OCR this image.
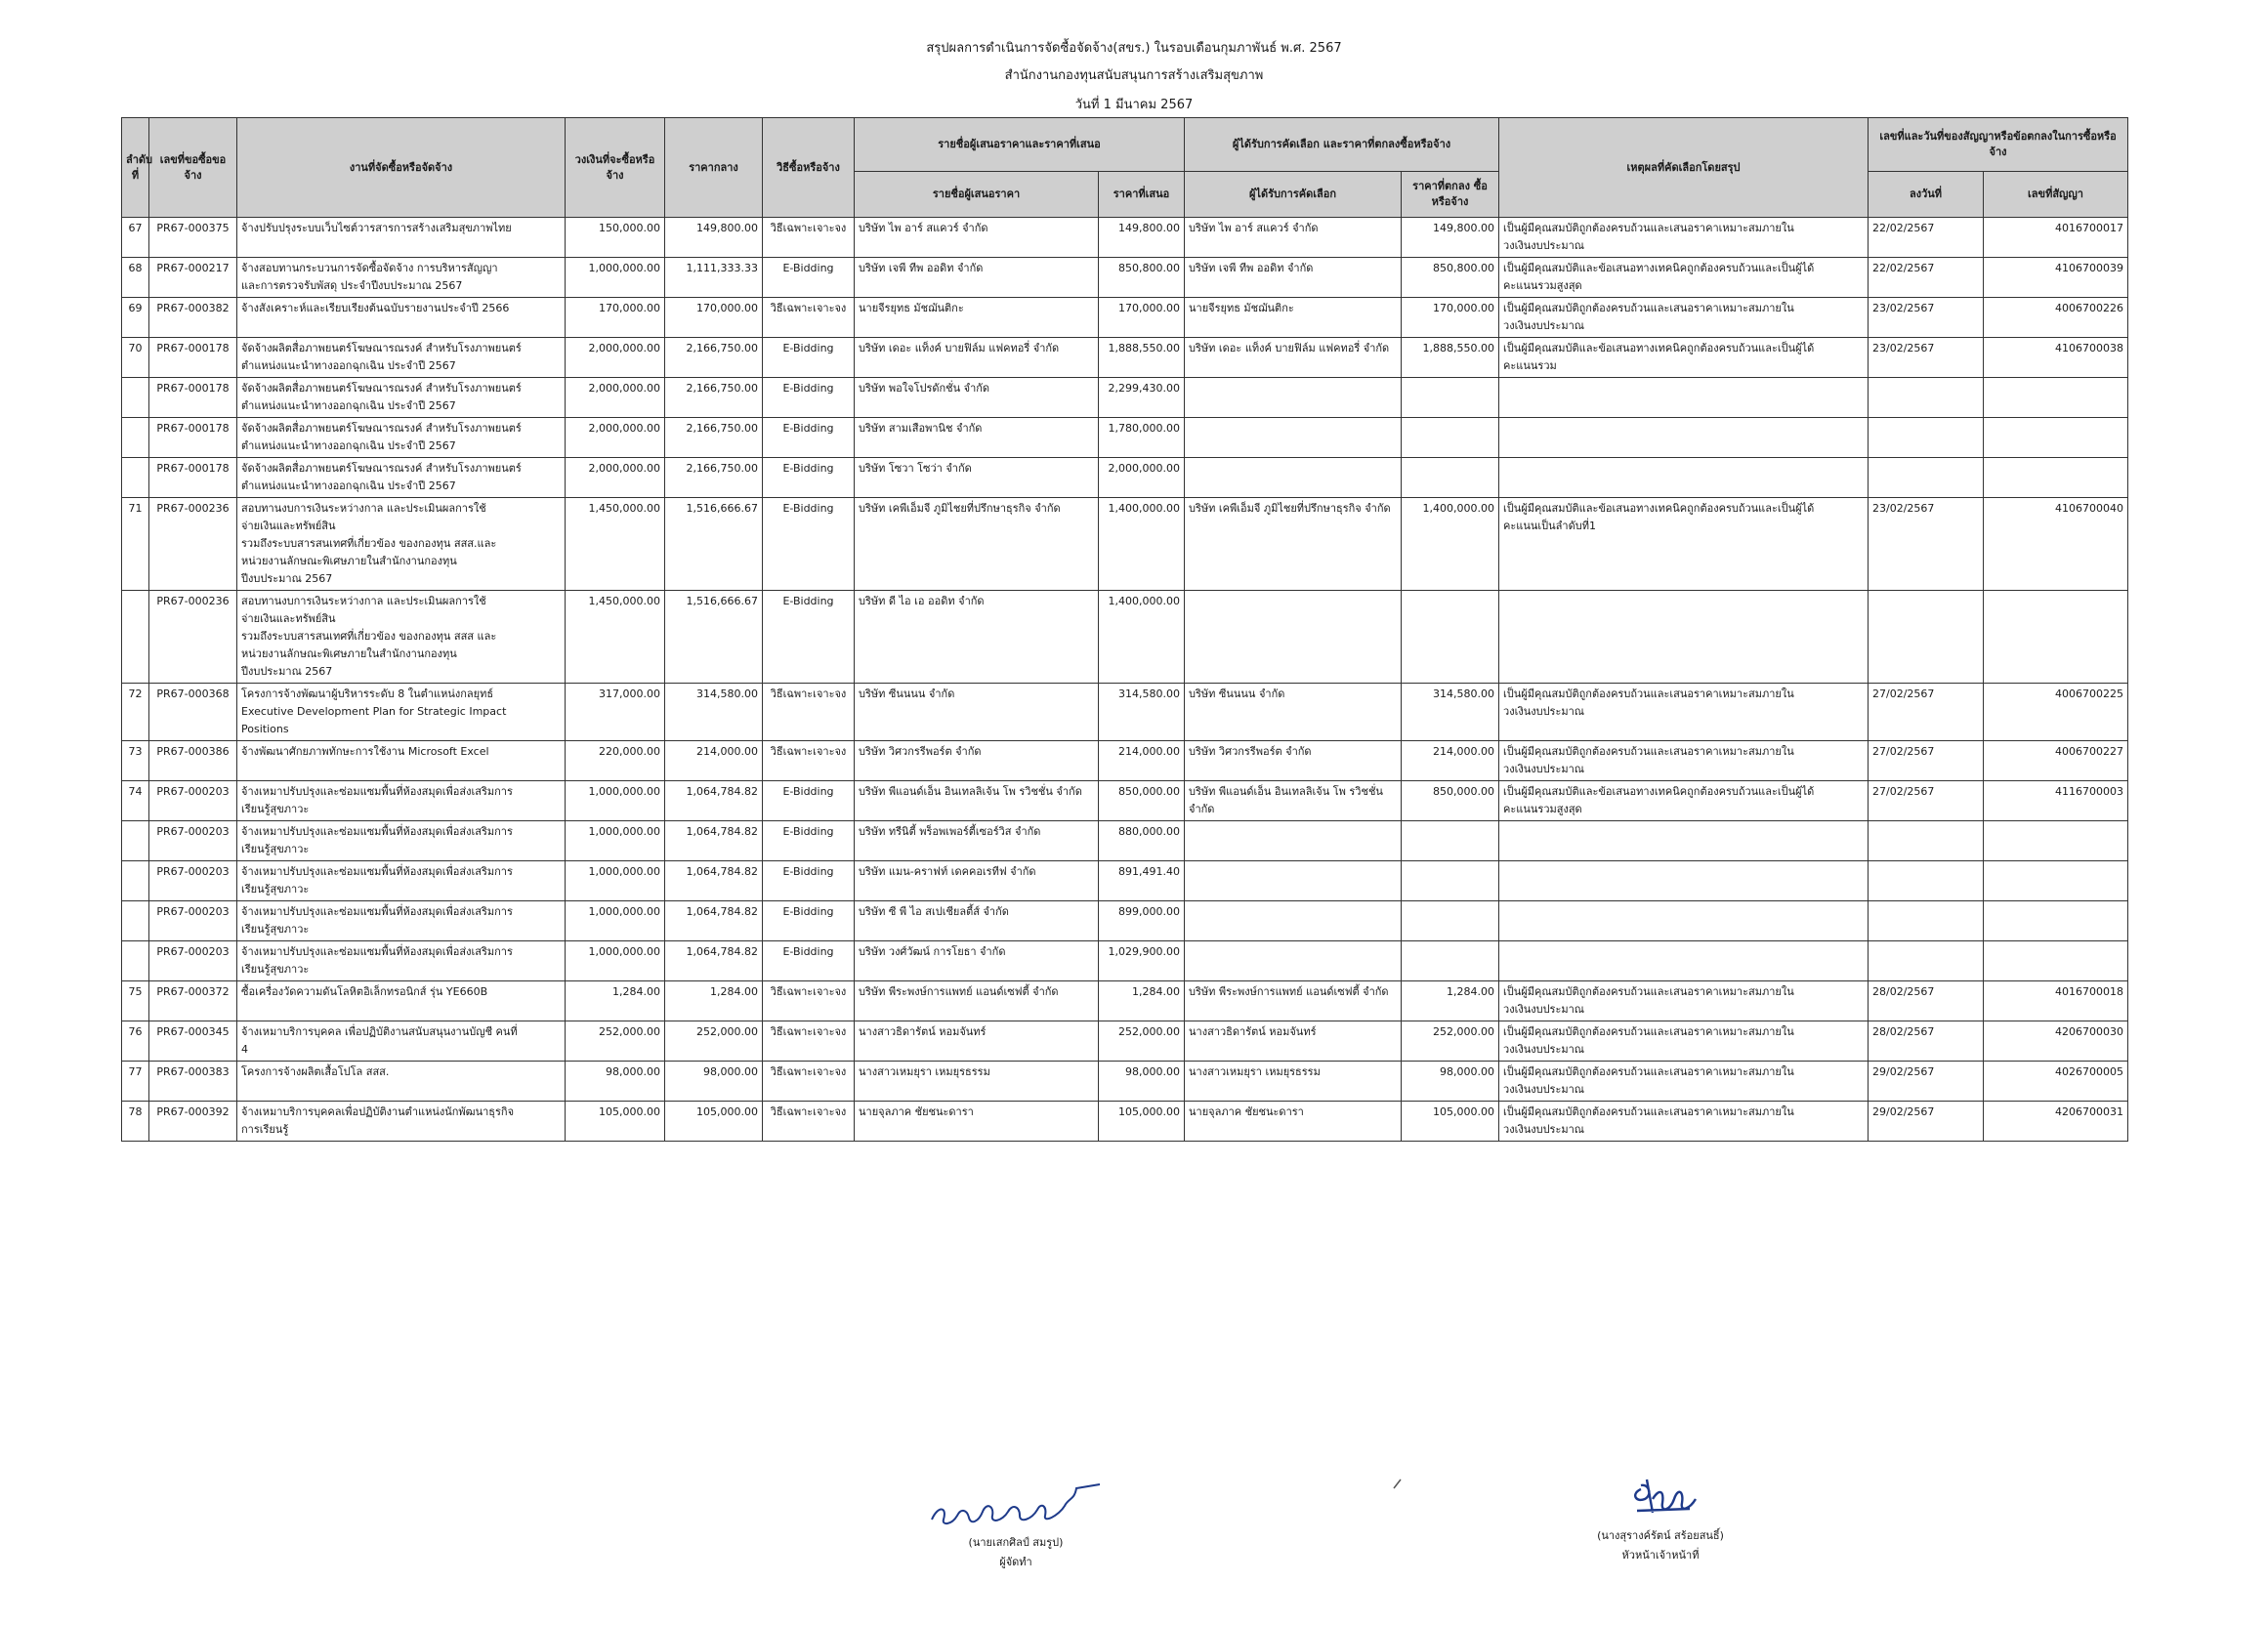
สรุปผลการดำเนินการจัดซื้อจัดจ้าง(สขร.) ในรอบเดือนกุมภาพันธ์ พ.ศ. 2567
สำนักงานกองทุนสนับสนุนการสร้างเสริมสุขภาพ
วันที่ 1 มีนาคม 2567
ลำดับที่	เลขที่ขอซื้อขอจ้าง	งานที่จัดซื้อหรือจัดจ้าง	วงเงินที่จะซื้อหรือจ้าง	ราคากลาง	วิธีซื้อหรือจ้าง	รายชื่อผู้เสนอราคาและราคาที่เสนอ		ผู้ได้รับการคัดเลือก และราคาที่ตกลงซื้อหรือจ้าง		เหตุผลที่คัดเลือกโดยสรุป	เลขที่และวันที่ของสัญญาหรือข้อตกลงในการซื้อหรือจ้าง	
						รายชื่อผู้เสนอราคา	ราคาที่เสนอ	ผู้ได้รับการคัดเลือก	ราคาที่ตกลง ซื้อหรือจ้าง		ลงวันที่	เลขที่สัญญา
67	PR67-000375	จ้างปรับปรุงระบบเว็บไซต์วารสารการสร้างเสริมสุขภาพไทย	150,000.00	149,800.00	วิธีเฉพาะเจาะจง	บริษัท ไพ อาร์ สแควร์ จำกัด	149,800.00	บริษัท ไพ อาร์ สแควร์ จำกัด	149,800.00	เป็นผู้มีคุณสมบัติถูกต้องครบถ้วนและเสนอราคาเหมาะสมภายใน
วงเงินงบประมาณ	22/02/2567	4016700017
68	PR67-000217	จ้างสอบทานกระบวนการจัดซื้อจัดจ้าง การบริหารสัญญา
และการตรวจรับพัสดุ ประจำปีงบประมาณ 2567	1,000,000.00	1,111,333.33	E-Bidding	บริษัท เจพี ทีพ ออดิท จำกัด	850,800.00	บริษัท เจพี ทีพ ออดิท จำกัด	850,800.00	เป็นผู้มีคุณสมบัติและข้อเสนอทางเทคนิคถูกต้องครบถ้วนและเป็นผู้ได้
คะแนนรวมสูงสุด	22/02/2567	4106700039
69	PR67-000382	จ้างสังเคราะห์และเรียบเรียงต้นฉบับรายงานประจำปี 2566	170,000.00	170,000.00	วิธีเฉพาะเจาะจง	นายจีรยุทธ มัชฌันติกะ	170,000.00	นายจีรยุทธ มัชฌันติกะ	170,000.00	เป็นผู้มีคุณสมบัติถูกต้องครบถ้วนและเสนอราคาเหมาะสมภายใน
วงเงินงบประมาณ	23/02/2567	4006700226
70	PR67-000178	จัดจ้างผลิตสื่อภาพยนตร์โฆษณารณรงค์ สำหรับโรงภาพยนตร์
ตำแหน่งแนะนำทางออกฉุกเฉิน ประจำปี 2567	2,000,000.00	2,166,750.00	E-Bidding	บริษัท เดอะ แท็งค์ บายฟิล์ม แฟคทอรี่ จำกัด	1,888,550.00	บริษัท เดอะ แท็งค์ บายฟิล์ม แฟคทอรี่ จำกัด	1,888,550.00	เป็นผู้มีคุณสมบัติและข้อเสนอทางเทคนิคถูกต้องครบถ้วนและเป็นผู้ได้
คะแนนรวม	23/02/2567	4106700038
	PR67-000178	จัดจ้างผลิตสื่อภาพยนตร์โฆษณารณรงค์ สำหรับโรงภาพยนตร์
ตำแหน่งแนะนำทางออกฉุกเฉิน ประจำปี 2567	2,000,000.00	2,166,750.00	E-Bidding	บริษัท พอใจโปรดักชั่น จำกัด	2,299,430.00					
	PR67-000178	จัดจ้างผลิตสื่อภาพยนตร์โฆษณารณรงค์ สำหรับโรงภาพยนตร์
ตำแหน่งแนะนำทางออกฉุกเฉิน ประจำปี 2567	2,000,000.00	2,166,750.00	E-Bidding	บริษัท สามเสือพานิช จำกัด	1,780,000.00					
	PR67-000178	จัดจ้างผลิตสื่อภาพยนตร์โฆษณารณรงค์ สำหรับโรงภาพยนตร์
ตำแหน่งแนะนำทางออกฉุกเฉิน ประจำปี 2567	2,000,000.00	2,166,750.00	E-Bidding	บริษัท โซวา โซว่า จำกัด	2,000,000.00					
71	PR67-000236	สอบทานงบการเงินระหว่างกาล และประเมินผลการใช้
จ่ายเงินและทรัพย์สิน
รวมถึงระบบสารสนเทศที่เกี่ยวข้อง ของกองทุน สสส.และ
หน่วยงานลักษณะพิเศษภายในสำนักงานกองทุน
ปีงบประมาณ 2567	1,450,000.00	1,516,666.67	E-Bidding	บริษัท เคพีเอ็มจี ภูมิไชยที่ปรึกษาธุรกิจ จำกัด	1,400,000.00	บริษัท เคพีเอ็มจี ภูมิไชยที่ปรึกษาธุรกิจ จำกัด	1,400,000.00	เป็นผู้มีคุณสมบัติและข้อเสนอทางเทคนิคถูกต้องครบถ้วนและเป็นผู้ได้
คะแนนเป็นลำดับที่1	23/02/2567	4106700040
	PR67-000236	สอบทานงบการเงินระหว่างกาล และประเมินผลการใช้
จ่ายเงินและทรัพย์สิน
รวมถึงระบบสารสนเทศที่เกี่ยวข้อง ของกองทุน สสส และ
หน่วยงานลักษณะพิเศษภายในสำนักงานกองทุน
ปีงบประมาณ 2567	1,450,000.00	1,516,666.67	E-Bidding	บริษัท ดี ไอ เอ ออดิท จำกัด	1,400,000.00					
72	PR67-000368	โครงการจ้างพัฒนาผู้บริหารระดับ 8 ในตำแหน่งกลยุทธ์
Executive Development Plan for Strategic Impact
Positions	317,000.00	314,580.00	วิธีเฉพาะเจาะจง	บริษัท ซีนนนน จำกัด	314,580.00	บริษัท ซีนนนน จำกัด	314,580.00	เป็นผู้มีคุณสมบัติถูกต้องครบถ้วนและเสนอราคาเหมาะสมภายใน
วงเงินงบประมาณ	27/02/2567	4006700225
73	PR67-000386	จ้างพัฒนาศักยภาพทักษะการใช้งาน Microsoft Excel	220,000.00	214,000.00	วิธีเฉพาะเจาะจง	บริษัท วิศวกรรีพอร์ต จำกัด	214,000.00	บริษัท วิศวกรรีพอร์ต จำกัด	214,000.00	เป็นผู้มีคุณสมบัติถูกต้องครบถ้วนและเสนอราคาเหมาะสมภายใน
วงเงินงบประมาณ	27/02/2567	4006700227
74	PR67-000203	จ้างเหมาปรับปรุงและซ่อมแซมพื้นที่ห้องสมุดเพื่อส่งเสริมการ
เรียนรู้สุขภาวะ	1,000,000.00	1,064,784.82	E-Bidding	บริษัท พีแอนด์เอ็น อินเทลลิเจ้น โพ รวิชชั่น จำกัด	850,000.00	บริษัท พีแอนด์เอ็น อินเทลลิเจ้น โพ รวิชชั่น จำกัด	850,000.00	เป็นผู้มีคุณสมบัติและข้อเสนอทางเทคนิคถูกต้องครบถ้วนและเป็นผู้ได้
คะแนนรวมสูงสุด	27/02/2567	4116700003
	PR67-000203	จ้างเหมาปรับปรุงและซ่อมแซมพื้นที่ห้องสมุดเพื่อส่งเสริมการ
เรียนรู้สุขภาวะ	1,000,000.00	1,064,784.82	E-Bidding	บริษัท ทรีนิตี้ พร็อพเพอร์ตี้เซอร์วิส จำกัด	880,000.00					
	PR67-000203	จ้างเหมาปรับปรุงและซ่อมแซมพื้นที่ห้องสมุดเพื่อส่งเสริมการ
เรียนรู้สุขภาวะ	1,000,000.00	1,064,784.82	E-Bidding	บริษัท แมน-คราฟท์ เดคคอเรทีฟ จำกัด	891,491.40					
	PR67-000203	จ้างเหมาปรับปรุงและซ่อมแซมพื้นที่ห้องสมุดเพื่อส่งเสริมการ
เรียนรู้สุขภาวะ	1,000,000.00	1,064,784.82	E-Bidding	บริษัท ซี พี ไอ สเปเชียลตี้ส์ จำกัด	899,000.00					
	PR67-000203	จ้างเหมาปรับปรุงและซ่อมแซมพื้นที่ห้องสมุดเพื่อส่งเสริมการ
เรียนรู้สุขภาวะ	1,000,000.00	1,064,784.82	E-Bidding	บริษัท วงศ์วัฒน์ การโยธา จำกัด	1,029,900.00					
75	PR67-000372	ซื้อเครื่องวัดความดันโลหิตอิเล็กทรอนิกส์ รุ่น YE660B	1,284.00	1,284.00	วิธีเฉพาะเจาะจง	บริษัท พีระพงษ์การแพทย์ แอนด์เซฟตี้ จำกัด	1,284.00	บริษัท พีระพงษ์การแพทย์ แอนด์เซฟตี้ จำกัด	1,284.00	เป็นผู้มีคุณสมบัติถูกต้องครบถ้วนและเสนอราคาเหมาะสมภายใน
วงเงินงบประมาณ	28/02/2567	4016700018
76	PR67-000345	จ้างเหมาบริการบุคคล เพื่อปฏิบัติงานสนับสนุนงานบัญชี คนที่
4	252,000.00	252,000.00	วิธีเฉพาะเจาะจง	นางสาวธิดารัตน์ หอมจันทร์	252,000.00	นางสาวธิดารัตน์ หอมจันทร์	252,000.00	เป็นผู้มีคุณสมบัติถูกต้องครบถ้วนและเสนอราคาเหมาะสมภายใน
วงเงินงบประมาณ	28/02/2567	4206700030
77	PR67-000383	โครงการจ้างผลิตเสื้อโปโล สสส.	98,000.00	98,000.00	วิธีเฉพาะเจาะจง	นางสาวเหมยุรา เหมยุรธรรม	98,000.00	นางสาวเหมยุรา เหมยุรธรรม	98,000.00	เป็นผู้มีคุณสมบัติถูกต้องครบถ้วนและเสนอราคาเหมาะสมภายใน
วงเงินงบประมาณ	29/02/2567	4026700005
78	PR67-000392	จ้างเหมาบริการบุคคลเพื่อปฏิบัติงานตำแหน่งนักพัฒนาธุรกิจ
การเรียนรู้	105,000.00	105,000.00	วิธีเฉพาะเจาะจง	นายจุลภาค ชัยชนะดารา	105,000.00	นายจุลภาค ชัยชนะดารา	105,000.00	เป็นผู้มีคุณสมบัติถูกต้องครบถ้วนและเสนอราคาเหมาะสมภายใน
วงเงินงบประมาณ	29/02/2567	4206700031
(นายเสกศิลป์ สมรูป)
ผู้จัดทำ
(นางสุรางค์รัตน์ สร้อยสนธิ์)
หัวหน้าเจ้าหน้าที่
